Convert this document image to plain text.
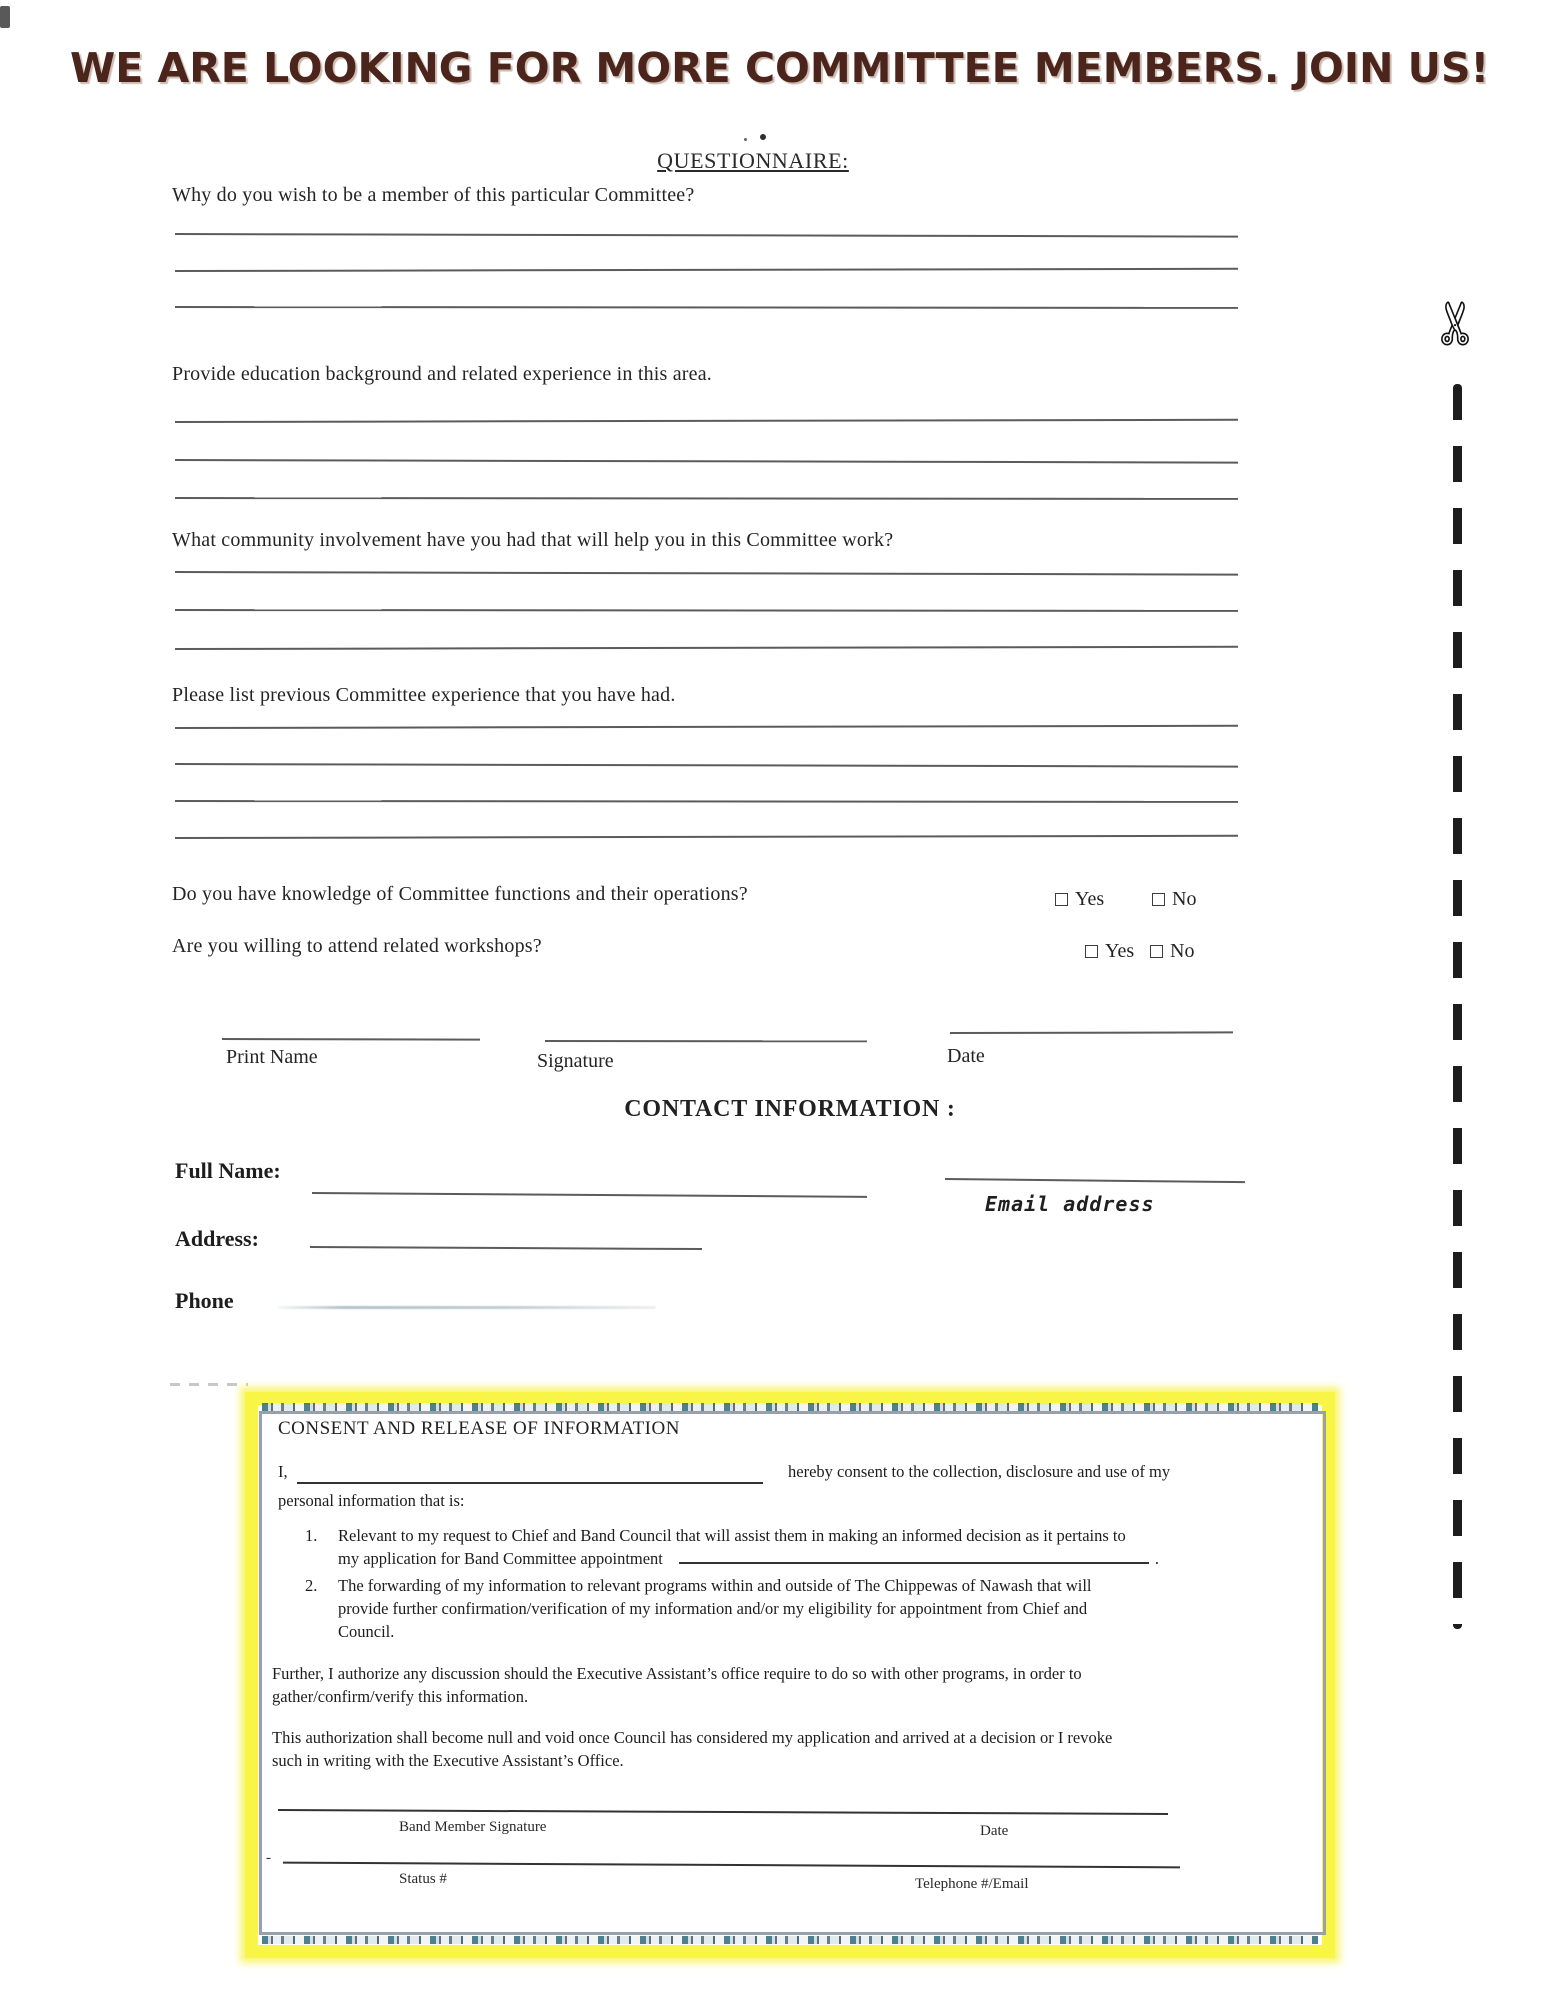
WE ARE LOOKING FOR MORE COMMITTEE MEMBERS. JOIN US!
QUESTIONNAIRE:
Why do you wish to be a member of this particular Committee?
Provide education background and related experience in this area.
What community involvement have you had that will help you in this Committee work?
Please list previous Committee experience that you have had.
Do you have knowledge of Committee functions and their operations?	Yes	No
Are you willing to attend related workshops?	Yes	No
Print Name	Signature	Date
CONTACT INFORMATION :
Full Name:
Email address
Address:
Phone
CONSENT AND RELEASE OF INFORMATION
I,	hereby consent to the collection, disclosure and use of my
personal information that is:
1.	Relevant to my request to Chief and Band Council that will assist them in making an informed decision as it pertains to
my application for Band Committee appointment	.
2.	The forwarding of my information to relevant programs within and outside of The Chippewas of Nawash that will
provide further confirmation/verification of my information and/or my eligibility for appointment from Chief and
Council.
Further, I authorize any discussion should the Executive Assistant’s office require to do so with other programs, in order to
gather/confirm/verify this information.
This authorization shall become null and void once Council has considered my application and arrived at a decision or I revoke
such in writing with the Executive Assistant’s Office.
Band Member Signature	Date
-
Status #	Telephone #/Email
✄
